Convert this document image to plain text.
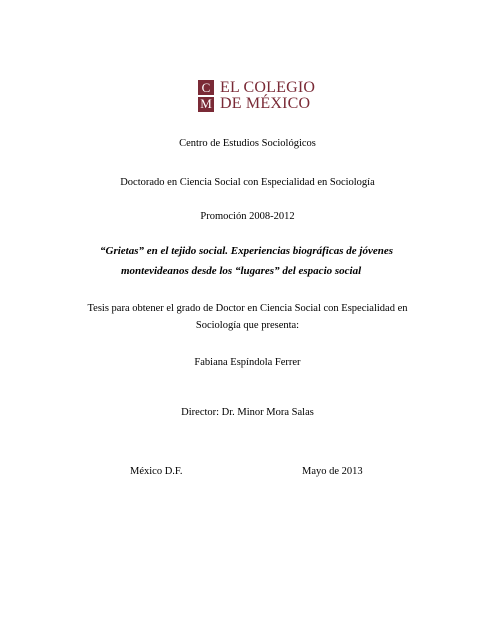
C
M
EL COLEGIO
DE MÉXICO
Centro de Estudios Sociológicos
Doctorado en Ciencia Social con Especialidad en Sociología
Promoción 2008-2012
“Grietas” en el tejido social. Experiencias biográficas de jóvenes
montevideanos desde los “lugares” del espacio social
Tesis para obtener el grado de Doctor en Ciencia Social con Especialidad en
Sociología que presenta:
Fabiana Espíndola Ferrer
Director: Dr. Minor Mora Salas
México D.F.	Mayo de 2013
